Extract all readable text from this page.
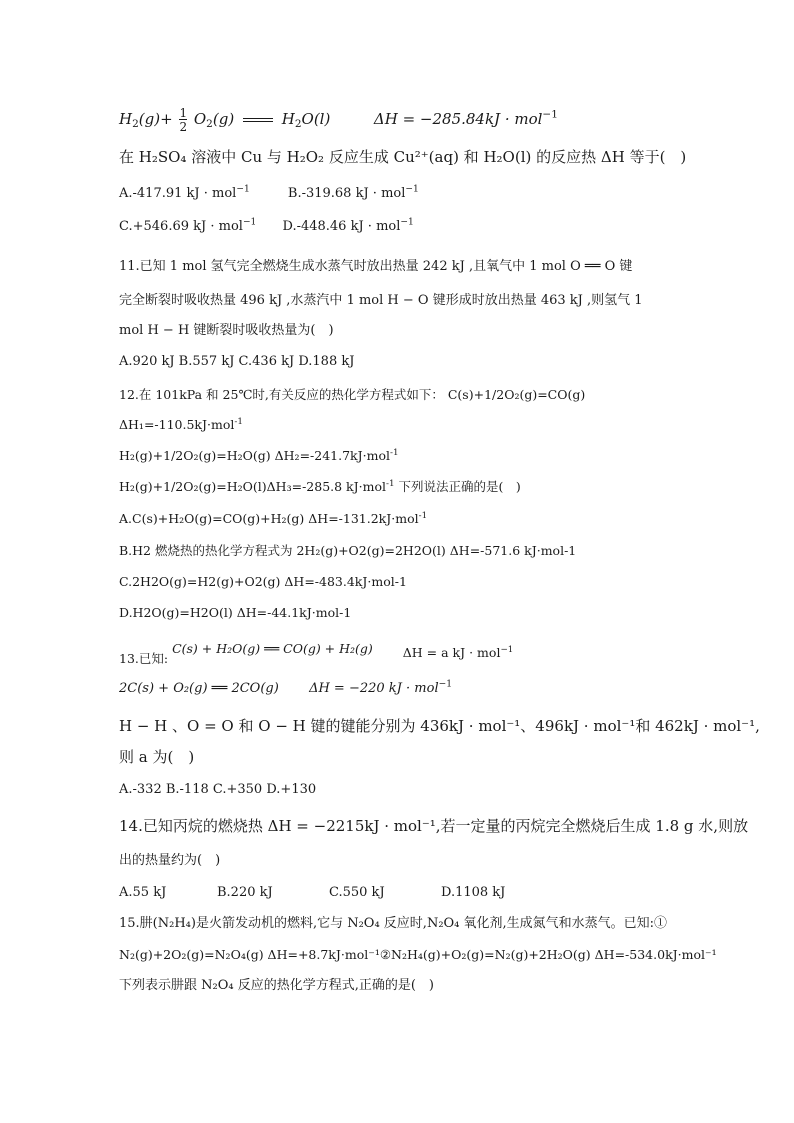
$H_2(g)+ \frac{1}{2} O_2(g)$	$H_2O(l)$	ΔH = −285.84kJ · mol$^{-1}$
在 H₂SO₄ 溶液中 Cu 与 H₂O₂ 反应生成 Cu²⁺(aq) 和 H₂O(l) 的反应热 ΔH 等于(　)
A.-417.91 kJ · mol$^{-1}$	B.-319.68 kJ · mol$^{-1}$
C.+546.69 kJ · mol$^{-1}$ D.-448.46 kJ · mol$^{-1}$
11.已知 1 mol 氢气完全燃烧生成水蒸气时放出热量 242 kJ ,且氧气中 1 mol O ══ O 键
完全断裂时吸收热量 496 kJ ,水蒸汽中 1 mol H − O 键形成时放出热量 463 kJ ,则氢气 1
mol H − H 键断裂时吸收热量为(　)
A.920 kJ B.557 kJ C.436 kJ D.188 kJ
12.在 101kPa 和 25℃时,有关反应的热化学方程式如下： C(s)+1/2O₂(g)=CO(g)
ΔH₁=-110.5kJ·mol$^{-1}$
H₂(g)+1/2O₂(g)=H₂O(g) ΔH₂=-241.7kJ·mol$^{-1}$
H₂(g)+1/2O₂(g)=H₂O(l)ΔH₃=-285.8 kJ·mol$^{-1}$ 下列说法正确的是(　)
A.C(s)+H₂O(g)=CO(g)+H₂(g) ΔH=-131.2kJ·mol$^{-1}$
B.H2 燃烧热的热化学方程式为 2H₂(g)+O2(g)=2H2O(l) ΔH=-571.6 kJ·mol-1
C.2H2O(g)=H2(g)+O2(g) ΔH=-483.4kJ·mol-1
D.H2O(g)=H2O(l) ΔH=-44.1kJ·mol-1
13.已知: C(s) + H₂O(g) ══ CO(g) + H₂(g) ΔH = a kJ · mol$^{-1}$
2C(s) + O₂(g) ══ 2CO(g) ΔH = −220 kJ · mol$^{-1}$
H − H 、O = O 和 O − H 键的键能分别为 436kJ · mol⁻¹、496kJ · mol⁻¹和 462kJ · mol⁻¹,
则 a 为(　)
A.-332 B.-118 C.+350 D.+130
14.已知丙烷的燃烧热 ΔH = −2215kJ · mol⁻¹,若一定量的丙烷完全燃烧后生成 1.8 g 水,则放
出的热量约为(　)
A.55 kJ	B.220 kJ	C.550 kJ	D.1108 kJ
15.肼(N₂H₄)是火箭发动机的燃料,它与 N₂O₄ 反应时,N₂O₄ 氧化剂,生成氮气和水蒸气。已知:①
N₂(g)+2O₂(g)=N₂O₄(g) ΔH=+8.7kJ·mol⁻¹②N₂H₄(g)+O₂(g)=N₂(g)+2H₂O(g) ΔH=-534.0kJ·mol⁻¹
下列表示肼跟 N₂O₄ 反应的热化学方程式,正确的是(　)
